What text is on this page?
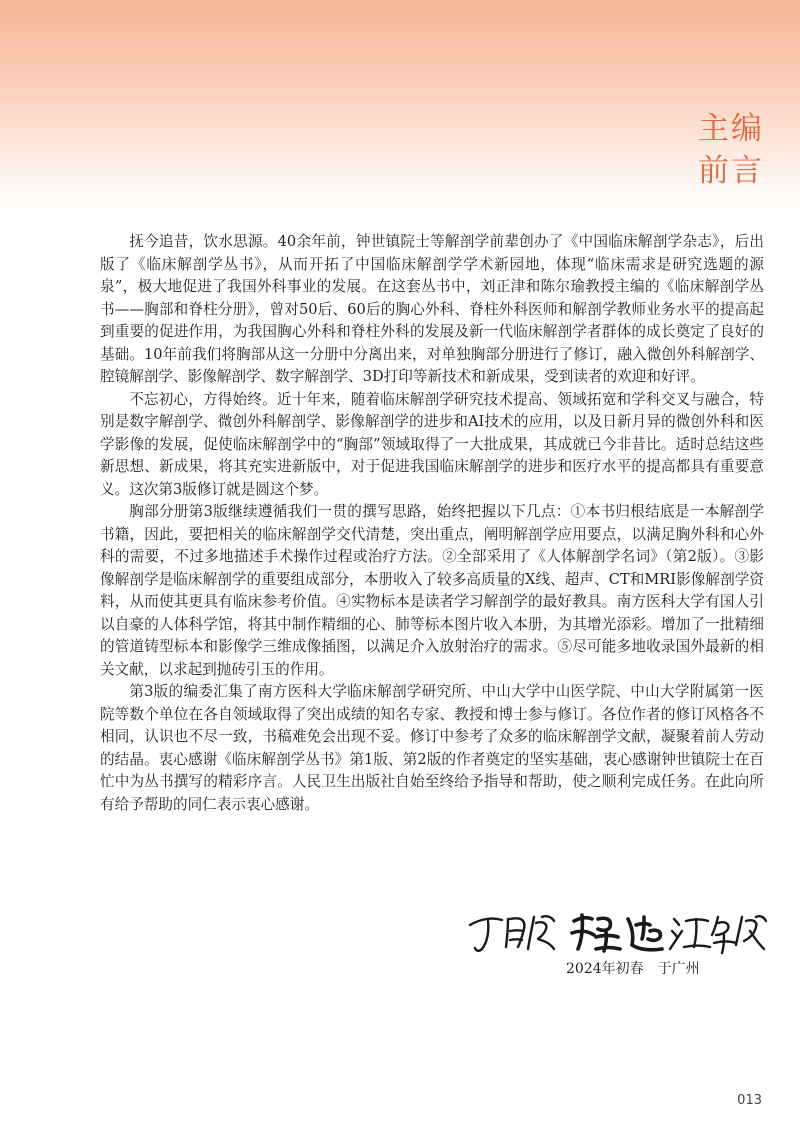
主编
前言

抚今追昔，饮水思源。40余年前，钟世镇院士等解剖学前辈创办了《中国临床解剖学杂志》，后出版了《临床解剖学丛书》，从而开拓了中国临床解剖学学术新园地，体现“临床需求是研究选题的源泉”，极大地促进了我国外科事业的发展。在这套丛书中，刘正津和陈尔瑜教授主编的《临床解剖学丛书——胸部和脊柱分册》，曾对50后、60后的胸心外科、脊柱外科医师和解剖学教师业务水平的提高起到重要的促进作用，为我国胸心外科和脊柱外科的发展及新一代临床解剖学者群体的成长奠定了良好的基础。10年前我们将胸部从这一分册中分离出来，对单独胸部分册进行了修订，融入微创外科解剖学、腔镜解剖学、影像解剖学、数字解剖学、3D打印等新技术和新成果，受到读者的欢迎和好评。

不忘初心，方得始终。近十年来，随着临床解剖学研究技术提高、领域拓宽和学科交叉与融合，特别是数字解剖学、微创外科解剖学、影像解剖学的进步和AI技术的应用，以及日新月异的微创外科和医学影像的发展，促使临床解剖学中的“胸部”领域取得了一大批成果，其成就已今非昔比。适时总结这些新思想、新成果，将其充实进新版中，对于促进我国临床解剖学的进步和医疗水平的提高都具有重要意义。这次第3版修订就是圆这个梦。

胸部分册第3版继续遵循我们一贯的撰写思路，始终把握以下几点：①本书归根结底是一本解剖学书籍，因此，要把相关的临床解剖学交代清楚，突出重点，阐明解剖学应用要点，以满足胸外科和心外科的需要，不过多地描述手术操作过程或治疗方法。②全部采用了《人体解剖学名词》（第2版）。③影像解剖学是临床解剖学的重要组成部分，本册收入了较多高质量的X线、超声、CT和MRI影像解剖学资料，从而使其更具有临床参考价值。④实物标本是读者学习解剖学的最好教具。南方医科大学有国人引以自豪的人体科学馆，将其中制作精细的心、肺等标本图片收入本册，为其增光添彩。增加了一批精细的管道铸型标本和影像学三维成像插图，以满足介入放射治疗的需求。⑤尽可能多地收录国外最新的相关文献，以求起到抛砖引玉的作用。

第3版的编委汇集了南方医科大学临床解剖学研究所、中山大学中山医学院、中山大学附属第一医院等数个单位在各自领域取得了突出成绩的知名专家、教授和博士参与修订。各位作者的修订风格各不相同，认识也不尽一致，书稿难免会出现不妥。修订中参考了众多的临床解剖学文献，凝聚着前人劳动的结晶。衷心感谢《临床解剖学丛书》第1版、第2版的作者奠定的坚实基础，衷心感谢钟世镇院士在百忙中为丛书撰写的精彩序言。人民卫生出版社自始至终给予指导和帮助，使之顺利完成任务。在此向所有给予帮助的同仁表示衷心感谢。

2024年初春　于广州
013
